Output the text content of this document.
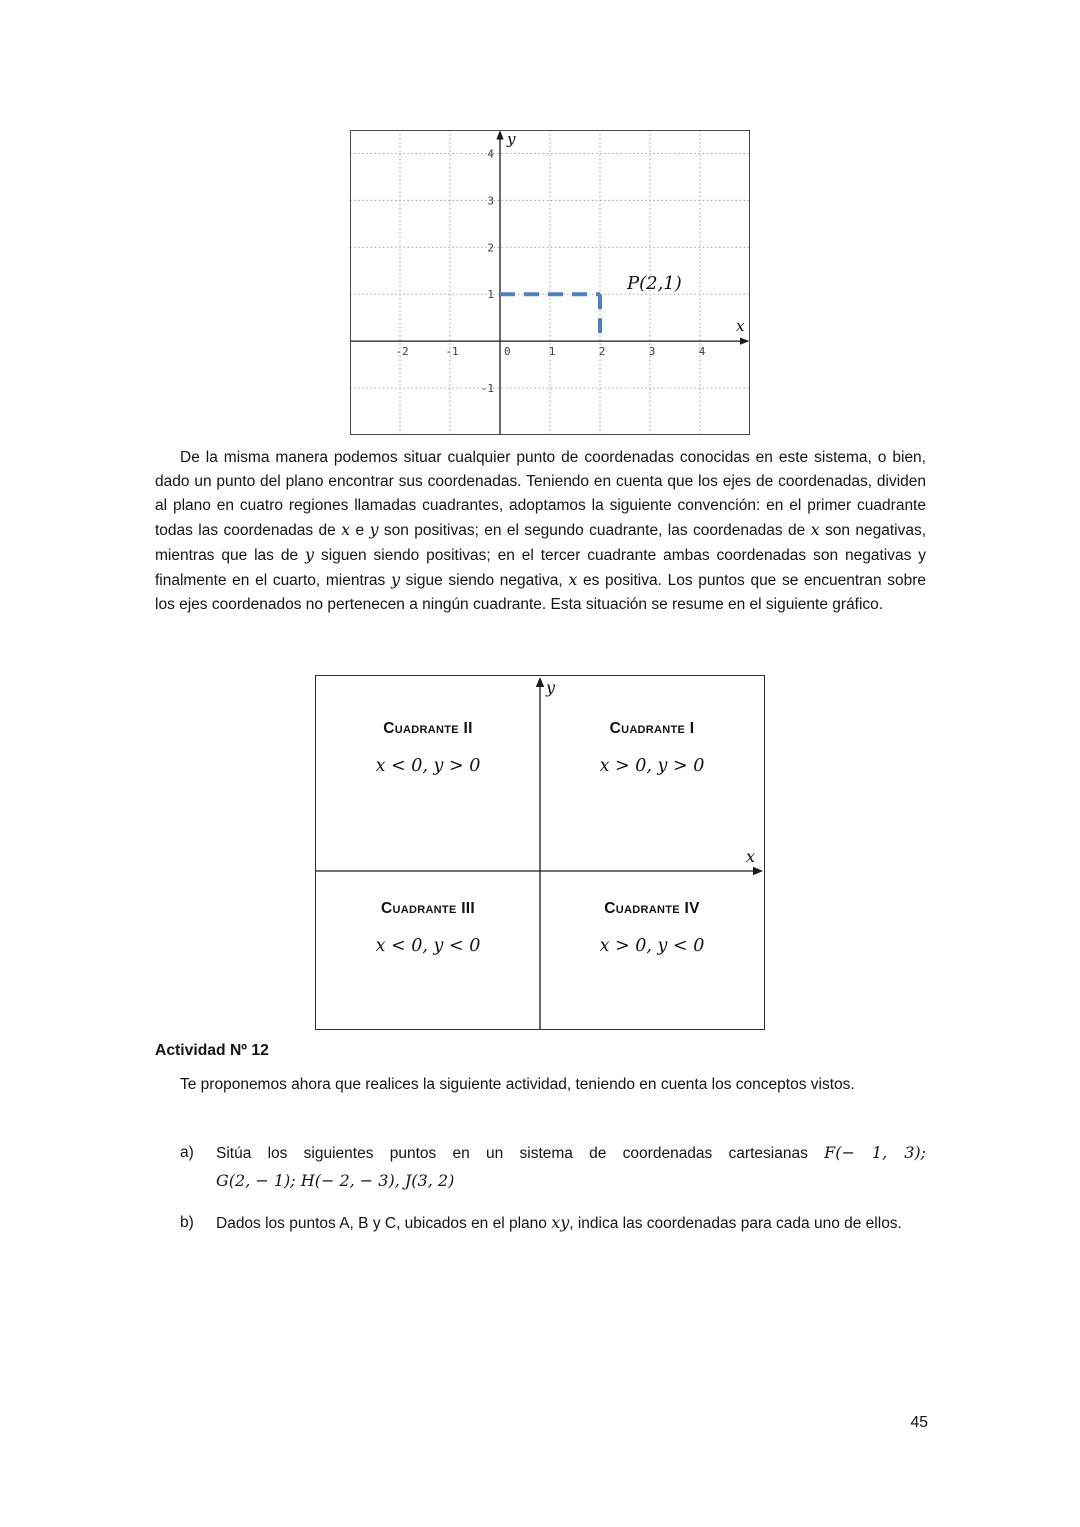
-2	-1	0	1	2	3	4
4
3
2
1
-1
y
x
P(2,1)

De la misma manera podemos situar cualquier punto de coordenadas conocidas en este sistema, o bien, dado un punto del plano encontrar sus coordenadas. Teniendo en cuenta que los ejes de coordenadas, dividen al plano en cuatro regiones llamadas cuadrantes, adoptamos la siguiente convención: en el primer cuadrante todas las coordenadas de x e y son positivas; en el segundo cuadrante, las coordenadas de x son negativas, mientras que las de y siguen siendo positivas; en el tercer cuadrante ambas coordenadas son negativas y finalmente en el cuarto, mientras y sigue siendo negativa, x es positiva. Los puntos que se encuentran sobre los ejes coordenados no pertenecen a ningún cuadrante. Esta situación se resume en el siguiente gráfico.

y
x
Cuadrante II
x < 0, y > 0
Cuadrante I
x > 0, y > 0
Cuadrante III
x < 0, y < 0
Cuadrante IV
x > 0, y < 0
Actividad Nº 12

Te proponemos ahora que realices la siguiente actividad, teniendo en cuenta los conceptos vistos.

a)	Sitúa los siguientes puntos en un sistema de coordenadas cartesianas F(− 1, 3);
G(2, − 1); H(− 2, − 3), J(3, 2)
b)	Dados los puntos A, B y C, ubicados en el plano xy, indica las coordenadas para cada uno de ellos.
45
